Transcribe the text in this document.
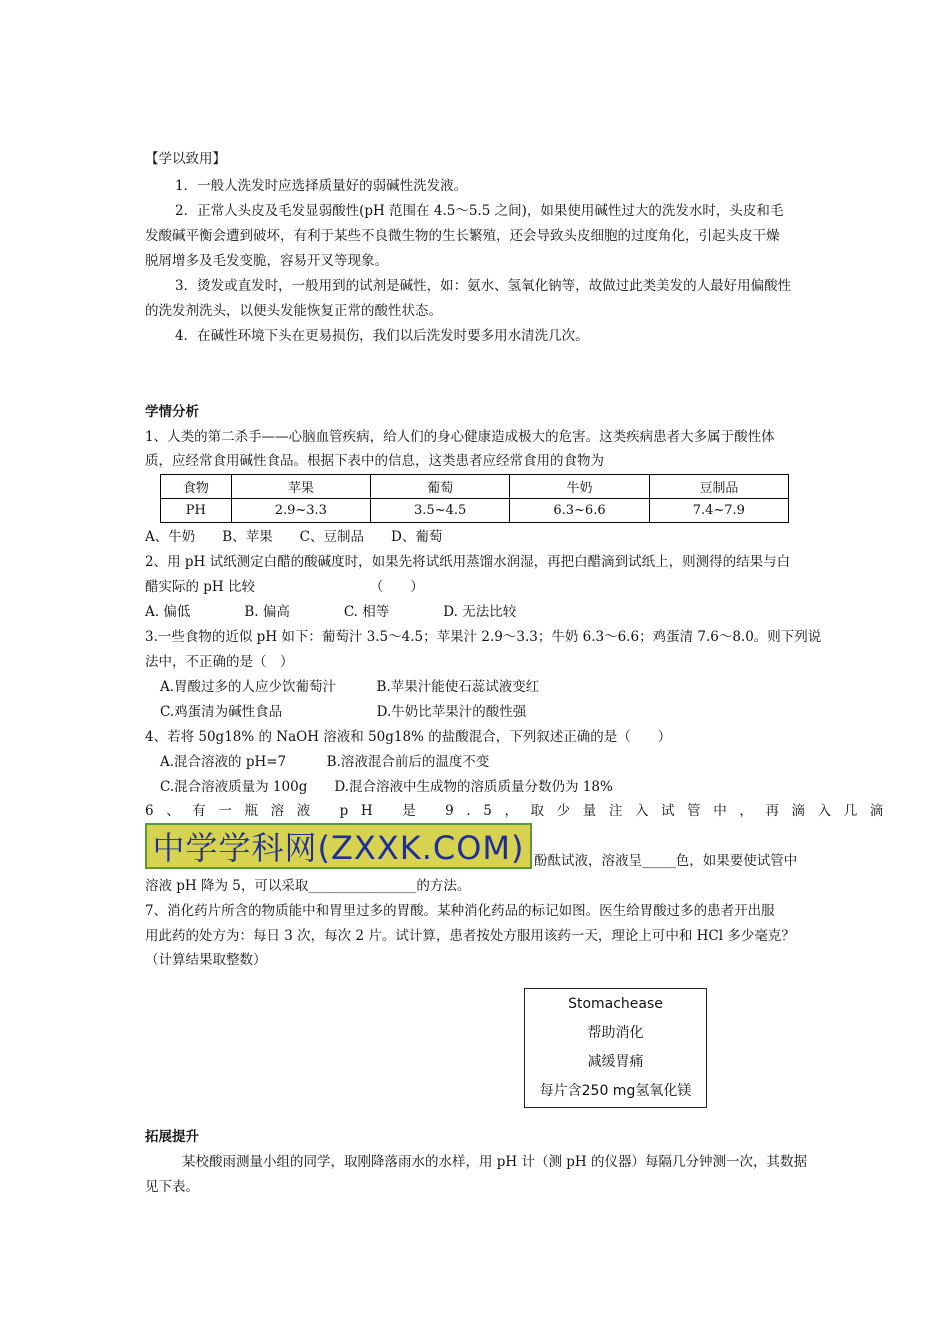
【学以致用】
1．一般人洗发时应选择质量好的弱碱性洗发液。
2．正常人头皮及毛发显弱酸性(pH 范围在 4.5～5.5 之间)，如果使用碱性过大的洗发水时，头皮和毛
发酸碱平衡会遭到破坏，有利于某些不良微生物的生长繁殖，还会导致头皮细胞的过度角化，引起头皮干燥
脱屑增多及毛发变脆，容易开叉等现象。
3．烫发或直发时，一般用到的试剂是碱性，如：氨水、氢氧化钠等，故做过此类美发的人最好用偏酸性
的洗发剂洗头，以便头发能恢复正常的酸性状态。
4．在碱性环境下头在更易损伤，我们以后洗发时要多用水清洗几次。
学情分析
1、人类的第二杀手——心脑血管疾病，给人们的身心健康造成极大的危害。这类疾病患者大多属于酸性体
质，应经常食用碱性食品。根据下表中的信息，这类患者应经常食用的食物为
食物	苹果	葡萄	牛奶	豆制品
PH	2.9~3.3	3.5~4.5	6.3~6.6	7.4~7.9
A、牛奶　　B、苹果　　C、豆制品　　D、葡萄
2、用 pH 试纸测定白醋的酸碱度时，如果先将试纸用蒸馏水润湿，再把白醋滴到试纸上，则测得的结果与白
醋实际的 pH 比较　　　　　　　　　（　　）
A. 偏低　　　　B. 偏高　　　　C. 相等　　　　D. 无法比较
3.一些食物的近似 pH 如下：葡萄汁 3.5～4.5；苹果汁 2.9～3.3；牛奶 6.3～6.6；鸡蛋清 7.6～8.0。则下列说
法中，不正确的是（　）
A.胃酸过多的人应少饮葡萄汁　　　B.苹果汁能使石蕊试液变红
C.鸡蛋清为碱性食品　　　　　　　D.牛奶比苹果汁的酸性强
4、若将 50g18% 的 NaOH 溶液和 50g18% 的盐酸混合，下列叙述正确的是（　　）
A.混合溶液的 pH=7　　　B.溶液混合前后的温度不变
C.混合溶液质量为 100g　　D.混合溶液中生成物的溶质质量分数仍为 18%
6、有一瓶溶液 pH 是 9.5，取少量注入试管中，再滴入几滴
中学学科网(ZXXK.COM) 酚酞试液，溶液呈_____色，如果要使试管中
溶液 pH 降为 5，可以采取________________的方法。
7、消化药片所含的物质能中和胃里过多的胃酸。某种消化药品的标记如图。医生给胃酸过多的患者开出服
用此药的处方为：每日 3 次，每次 2 片。试计算，患者按处方服用该药一天，理论上可中和 HCl 多少毫克？
（计算结果取整数）
Stomachease
帮助消化
减缓胃痛
每片含250 mg氢氧化镁
拓展提升
某校酸雨测量小组的同学，取刚降落雨水的水样，用 pH 计（测 pH 的仪器）每隔几分钟测一次，其数据
见下表。
